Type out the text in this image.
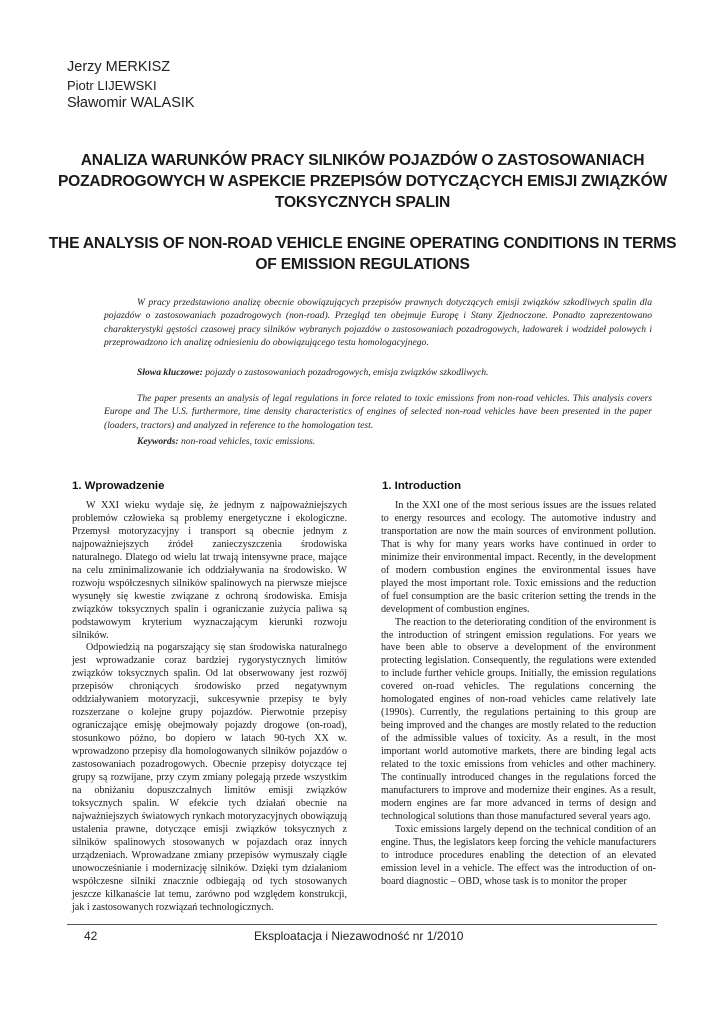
Jerzy MERKISZ
Piotr LIJEWSKI
Sławomir WALASIK
ANALIZA WARUNKÓW PRACY SILNIKÓW POJAZDÓW O ZASTOSOWANIACH POZADROGOWYCH W ASPEKCIE PRZEPISÓW DOTYCZĄCYCH EMISJI ZWIĄZKÓW TOKSYCZNYCH SPALIN
THE ANALYSIS OF NON-ROAD VEHICLE ENGINE OPERATING CONDITIONS IN TERMS OF EMISSION REGULATIONS
W pracy przedstawiono analizę obecnie obowiązujących przepisów prawnych dotyczących emisji związków szkodliwych spalin dla pojazdów o zastosowaniach pozadrogowych (non-road). Przegląd ten obejmuje Europę i Stany Zjednoczone. Ponadto zaprezentowano charakterystyki gęstości czasowej pracy silników wybranych pojazdów o zastosowaniach pozadrogowych, ładowarek i wodzideł polowych i przeprowadzono ich analizę odniesieniu do obowiązującego testu homologacyjnego.
Słowa kluczowe: pojazdy o zastosowaniach pozadrogowych, emisja związków szkodliwych.
The paper presents an analysis of legal regulations in force related to toxic emissions from non-road vehicles. This analysis covers Europe and The U.S. furthermore, time density characteristics of engines of selected non-road vehicles have been presented in the paper (loaders, tractors) and analyzed in reference to the homologation test.
Keywords: non-road vehicles, toxic emissions.
1. Wprowadzenie	1. Introduction

W XXI wieku wydaje się, że jednym z najpoważniejszych problemów człowieka są problemy energetyczne i ekologiczne. Przemysł motoryzacyjny i transport są obecnie jednym z najpoważniejszych źródeł zanieczyszczenia środowiska naturalnego. Dlatego od wielu lat trwają intensywne prace, mające na celu zminimalizowanie ich oddziaływania na środowisko. W rozwoju współczesnych silników spalinowych na pierwsze miejsce wysunęły się kwestie związane z ochroną środowiska. Emisja związków toksycznych spalin i ograniczanie zużycia paliwa są podstawowym kryterium wyznaczającym kierunki rozwoju silników.

Odpowiedzią na pogarszający się stan środowiska naturalnego jest wprowadzanie coraz bardziej rygorystycznych limitów związków toksycznych spalin. Od lat obserwowany jest rozwój przepisów chroniących środowisko przed negatywnym oddziaływaniem motoryzacji, sukcesywnie przepisy te były rozszerzane o kolejne grupy pojazdów. Pierwotnie przepisy ograniczające emisję obejmowały pojazdy drogowe (on-road), stosunkowo późno, bo dopiero w latach 90-tych XX w. wprowadzono przepisy dla homologowanych silników pojazdów o zastosowaniach pozadrogowych. Obecnie przepisy dotyczące tej grupy są rozwijane, przy czym zmiany polegają przede wszystkim na obniżaniu dopuszczalnych limitów emisji związków toksycznych spalin. W efekcie tych działań obecnie na najważniejszych światowych rynkach motoryzacyjnych obowiązują ustalenia prawne, dotyczące emisji związków toksycznych z silników spalinowych stosowanych w pojazdach oraz innych urządzeniach. Wprowadzane zmiany przepisów wymuszały ciągłe unowocześnianie i modernizację silników. Dzięki tym działaniom współczesne silniki znacznie odbiegają od tych stosowanych jeszcze kilkanaście lat temu, zarówno pod względem konstrukcji, jak i zastosowanych rozwiązań technologicznych.

In the XXI one of the most serious issues are the issues related to energy resources and ecology. The automotive industry and transportation are now the main sources of environment pollution. That is why for many years works have continued in order to minimize their environmental impact. Recently, in the development of modern combustion engines the environmental issues have played the most important role. Toxic emissions and the reduction of fuel consumption are the basic criterion setting the trends in the development of combustion engines.

The reaction to the deteriorating condition of the environment is the introduction of stringent emission regulations. For years we have been able to observe a development of the environment protecting legislation. Consequently, the regulations were extended to include further vehicle groups. Initially, the emission regulations covered on-road vehicles. The regulations concerning the homologated engines of non-road vehicles came relatively late (1990s). Currently, the regulations pertaining to this group are being improved and the changes are mostly related to the reduction of the admissible values of toxicity. As a result, in the most important world automotive markets, there are binding legal acts related to the toxic emissions from vehicles and other machinery. The continually introduced changes in the regulations forced the manufacturers to improve and modernize their engines. As a result, modern engines are far more advanced in terms of design and technological solutions than those manufactured several years ago.

Toxic emissions largely depend on the technical condition of an engine. Thus, the legislators keep forcing the vehicle manufacturers to introduce procedures enabling the detection of an elevated emission level in a vehicle. The effect was the introduction of on-board diagnostic – OBD, whose task is to monitor the proper

42	Eksploatacja i Niezawodność nr 1/2010
